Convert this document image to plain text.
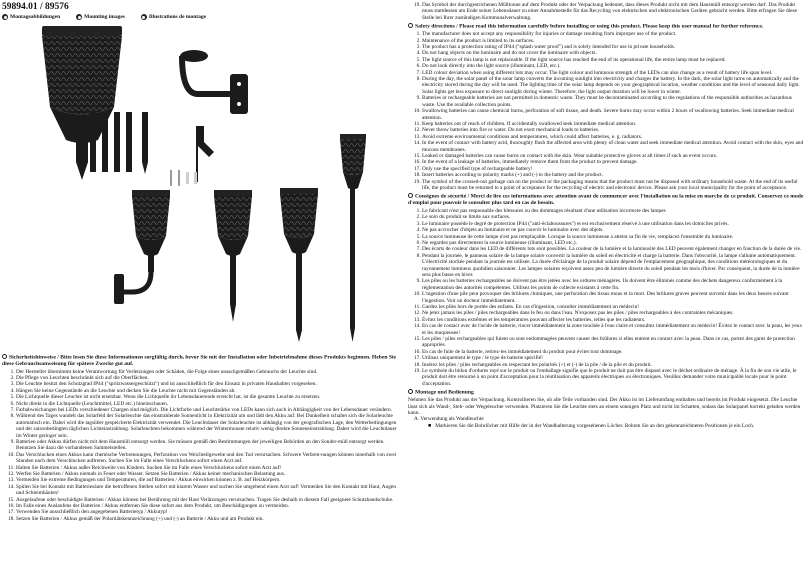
59894.01 / 89576
Montageabbildungen	Mounting images	Illustrations de montage
Sicherheitshinweise / Bitte lesen Sie diese Informationen sorgfältig durch, bevor Sie mit der Installation oder Inbetriebnahme dieses Produkts beginnen. Heben Sie diese Gebrauchsanweisung für spätere Zwecke gut auf.
1. Der Hersteller übernimmt keine Verantwortung für Verletzungen oder Schäden, die Folge eines unsachgemäßen Gebrauchs der Leuchte sind.
2. Die Pflege von Leuchten beschränkt sich auf die Oberflächen.
3. Die Leuchte besitzt den Schutzgrad IP44 ("spritzwassergeschützt") und ist ausschließlich für den Einsatz in privaten Haushalten vorgesehen.
4. Hängen Sie keine Gegenstände an die Leuchte und decken Sie die Leuchte nicht mit Gegenständen ab.
5. Die Lichtquelle dieser Leuchte ist nicht ersetzbar. Wenn die Lichtquelle ihr Lebensdauerende erreicht hat, ist die gesamte Leuchte zu ersetzen.
6. Nicht direkt in die Lichtquelle (Leuchtmittel, LED etc.) hineinschauen.
7. Farbabweichungen bei LEDs verschiedener Chargen sind möglich. Die Lichtfarbe und Leuchtstärke von LEDs kann sich auch in Abhängigkeit von der Lebensdauer verändern.
8. Während des Tages wandelt das Solarfeld der Solarleuchte das einstrahlende Sonnenlicht in Elektrizität um und lädt den Akku auf. Bei Dunkelheit schaltet sich die Solarleuchte automatisch ein. Dabei wird die tagsüber gespeicherte Elektrizität verwendet. Die Leuchtdauer der Solarleuchte ist abhängig von der geografischen Lage, den Wetterbedingungen und der saisonbedingten täglichen Lichteinstrahlung. Solarleuchten bekommen während der Wintermonate relativ wenig direkte Sonneneinstrahlung. Daher wird die Leuchtdauer im Winter geringer sein.
9. Batterien oder Akkus dürfen nicht mit dem Hausmüll entsorgt werden. Sie müssen gemäß den Bestimmungen der jeweiligen Behörden an den Sonder-müll entsorgt werden. Benutzen Sie dazu die vorhandenen Sammelstellen.
10. Das Verschlucken eines Akkus kann chemische Verbrennungen, Perforation von Weichteilgewebe und den Tod verursachen. Schwere Verbren-nungen können innerhalb von zwei Stunden nach dem Verschlucken auftreten. Suchen Sie im Falle eines Verschluckens sofort einen Arzt auf.
11. Halten Sie Batterien / Akkus außer Reichweite von Kindern. Suchen Sie im Falle eines Verschluckens sofort einen Arzt auf!
12. Werfen Sie Batterien / Akkus niemals in Feuer oder Wasser. Setzen Sie Batterien / Akkus keiner mechanischen Belastung aus.
13. Vermeiden Sie extreme Bedingungen und Temperaturen, die auf Batterien / Akkus einwirken können z. B. auf Heizkörpern.
14. Spülen Sie bei Kontakt mit Batteriesäure die betroffenen Stellen sofort mit klarem Wasser und suchen Sie umgehend einen Arzt auf! Vermeiden Sie den Kontakt mit Haut, Augen und Schleimhäuten!
15. Ausgelaufene oder beschädigte Batterien / Akkus können bei Berührung mit der Haut Verätzungen verursachen. Tragen Sie deshalb in diesem Fall geeignete Schutzhandschuhe.
16. Im Falle eines Auslaufens der Batterien / Akkus entfernen Sie diese sofort aus dem Produkt, um Beschädigungen zu vermeiden.
17. Verwenden Sie ausschließlich den angegebenen Batterietyp / Akkutyp!
18. Setzen Sie Batterien / Akkus gemäß der Polaritätskennzeichnung (+) und (-) an Batterie / Akku und am Produkt ein.
19. Das Symbol der durchgestrichenen Mülltonne auf dem Produkt oder der Verpackung bedeutet, dass dieses Produkt nicht mit dem Hausmüll entsorgt werden darf. Das Produkt muss stattdessen am Ende seiner Lebensdauer zu einer Annahmestelle für das Recycling von elektrischen und elektronischen Geräten gebracht werden. Bitte erfragen Sie diese Stelle bei Ihrer zuständigen Kommunalverwaltung.
Safety directions / Please read this information carefully before installing or using this product. Please keep this user manual for further reference.
1. The manufacturer does not accept any responsibility for injuries or damage resulting from improper use of the product.
2. Maintenance of the product is limited to its surfaces.
3. The product has a protection rating of IP44 ("splash water proof") and is solely intended for use in private households.
4. Do not hang objects on the luminaire and do not cover the luminaire with objects.
5. The light source of this lamp is not replaceable. If the light source has reached the end of its operational life, the entire lamp must be replaced.
6. Do not look directly into the light source (illuminant, LED, etc.).
7. LED colour deviation when using different lots may occur. The light colour and luminous strength of the LEDs can also change as a result of battery life span level.
8. During the day, the solar panel of the solar lamp converts the incoming sunlight into electricity and charges the battery. In the dark, the solar light turns on automatically and the electricity stored during the day will be used. The lighting time of the solar lamp depends on your geographical location, weather conditions and the level of seasonal daily light. Solar lights get less exposure to direct sunlight during winter. Therefore, the light output duration will be lower in winter.
9. Batteries or rechargeable batteries are not permitted in domestic waste. They must be decontaminated according to the regulations of the responsible authorities as hazardous waste. Use the available collection points.
10. Swallowing batteries can cause chemical burns, perforation of soft tissue, and death. Severe burns may occur within 2 hours of swallowing batteries. Seek immediate medical attention.
11. Keep batteries out of reach of children. If accidentally swallowed seek immediate medical attention.
12. Never throw batteries into fire or water. Do not exert mechanical loads to batteries.
13. Avoid extreme environmental conditions and temperatures, which could affect batteries, e. g. radiators.
14. In the event of contact with battery acid, thoroughly flush the affected area with plenty of clean water and seek immediate medical attention. Avoid contact with the skin, eyes and mucous membranes.
15. Leaked or damaged batteries can cause burns on contact with the skin. Wear suitable protective gloves at all times if such an event occurs.
16. In the event of a leakage of batteries, immediately remove them from the product to prevent damage.
17. Only use the specified type of rechargeable battery!
18. Insert batteries according to polarity marks (+) and (-) to the battery and the product.
19. The symbol of the crossed-out garbage can on the product or the packaging means that the product must not be disposed with ordinary household waste. At the end of its useful life, the product must be returned to a point of acceptance for the recycling of electric and electronic device. Please ask your local municipality for the point of acceptance.
Consignes de sécurité / Merci de lire ces informations avec attention avant de commencer avec l'installation ou la mise en marche de ce produit. Conservez ce mode d'emploi pour pouvoir le consulter plus tard en cas de besoin.
1. Le fabricant n'est pas responsable des blessures ou des dommages résultant d'une utilisation incorrecte des lampes
2. Le soin du produit se limite aux surfaces.
3. Le luminaire possède le degré de protection IP44 ("anti-éclaboussures") et est exclusivement réservé à une utilisation dans les domiciles privés.
4. Ne pas accrocher d'objets au luminaire et ne pas couvrir le luminaire avec des objets.
5. La source lumineuse de cette lampe n'est pas remplaçable. Lorsque la source lumineuse a atteint sa fin de vie, remplacez l'ensemble du luminaire.
6. Ne regardez pas directement la source lumineuse (illuminant, LED etc.).
7. Des écarts de couleur dans les LED de différents lots sont possibles. La couleur de la lumière et la luminosité des LED peuvent également changer en fonction de la durée de vie.
8. Pendant la journée, le panneau solaire de la lampe solaire convertit la lumière du soleil en électricité et charge la batterie. Dans l'obscurité, la lampe s'allume automatiquement. L'électricité stockée pendant la journée est utilisée. La durée d'éclairage de la produit solaire dépend de l'emplacement géographique, des conditions météorologiques et du rayonnement lumineux quotidien saisonnier. Les lampes solaires reçoivent assez peu de lumière directe du soleil pendant les mois d'hiver. Par conséquent, la durée de la lumière sera plus basse en hiver.
9. Les piles ou les batteries rechargeables ne doivent pas être jetées avec les ordures ménagères. Ils doivent être éliminés comme des déchets dangereux conformément à la réglementation des autorités compétentes. Utilisez les points de collecte existants à cette fin.
10. L'ingestion d'une pile peut provoquer des brûlures chimiques, une perforation des tissus mous et la mort. Des brûlures graves peuvent survenir dans les deux heures suivant l'ingestion. Voir un docteur immédiatement.
11. Gardez les piles hors de portée des enfants. En cas d'ingestion, consulter immédiatement un médecin!
12. Ne jetez jamais les piles / piles rechargeables dans le feu ou dans l'eau. N'exposez pas les piles / piles rechargeables à des contraintes mécaniques.
13. Évitez les conditions extrêmes et les températures pouvant affecter les batteries, telles que les radiateurs.
14. En cas de contact avec de l'acide de batterie, rincer immédiatement la zone touchée à l'eau claire et consultez immédiatement un médecin! Évitez le contact avec la peau, les yeux et les muqueuses!
15. Les piles / piles rechargeables qui fuient ou sont endommagées peuvent causer des brûlures si elles entrent en contact avec la peau. Dans ce cas, portez des gants de protection appropriés.
16. En cas de fuite de la batterie, retirez-les immédiatement du produit pour éviter tout dommage.
17. Utilisez uniquement le type / le type de batterie spécifié!
18. Insérez les piles / piles rechargeables en respectant les polarités (+) et (-) de la pile / de la pile et du produit.
19. Le symbole du bidon d'ordures rayé sur le produit ou l'emballage signifie que le produit ne doit pas être disposé avec le déchet ordinaire de ménage. À la fin de son vie utile, le produit doit être retourné à un point d'acceptation pour la réutilisation des appareils électriques ou électroniques. Veuillez demander votre municipalité locale pour le point d'acceptation.
Montage und Bedienung

Nehmen Sie das Produkt aus der Verpackung. Kontrollieren Sie, ob alle Teile vorhanden sind. Der Akku ist im Lieferumfang enthalten und bereits im Produkt eingesetzt. Die Leuchte lässt sich als Wand-, Steh- oder Wegeleuchte verwenden. Platzieren Sie die Leuchte stets an einem sonnigen Platz und nicht im Schatten, sodass das Solarpanel korrekt geladen werden kann.

A. Verwendung als Wandleuchte
■ Markieren Sie die Bohrlöcher mit Hilfe der in der Wandhalterung vorgesehenen Löcher. Bohren Sie an den gekennzeichneten Positionen je ein Loch.
